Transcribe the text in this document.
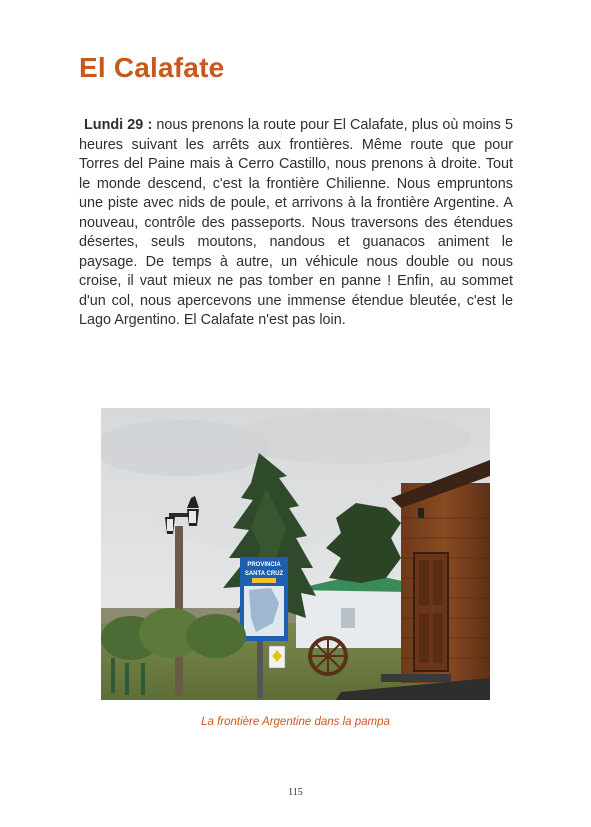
El Calafate

Lundi 29 : nous prenons la route pour El Calafate, plus où moins 5 heures suivant les arrêts aux frontières. Même route que pour Torres del Paine mais à Cerro Castillo, nous prenons à droite. Tout le monde descend, c'est la frontière Chilienne. Nous empruntons une piste avec nids de poule, et arrivons à la frontière Argentine. A nouveau, contrôle des passeports. Nous traversons des étendues désertes, seuls moutons, nandous et guanacos animent le paysage. De temps à autre, un véhicule nous double ou nous croise, il vaut mieux ne pas tomber en panne ! Enfin, au sommet d'un col, nous apercevons une immense étendue bleutée, c'est le Lago Argentino. El Calafate n'est pas loin.

PROVINCIA
SANTA CRUZ

La frontière Argentine dans la pampa

115
